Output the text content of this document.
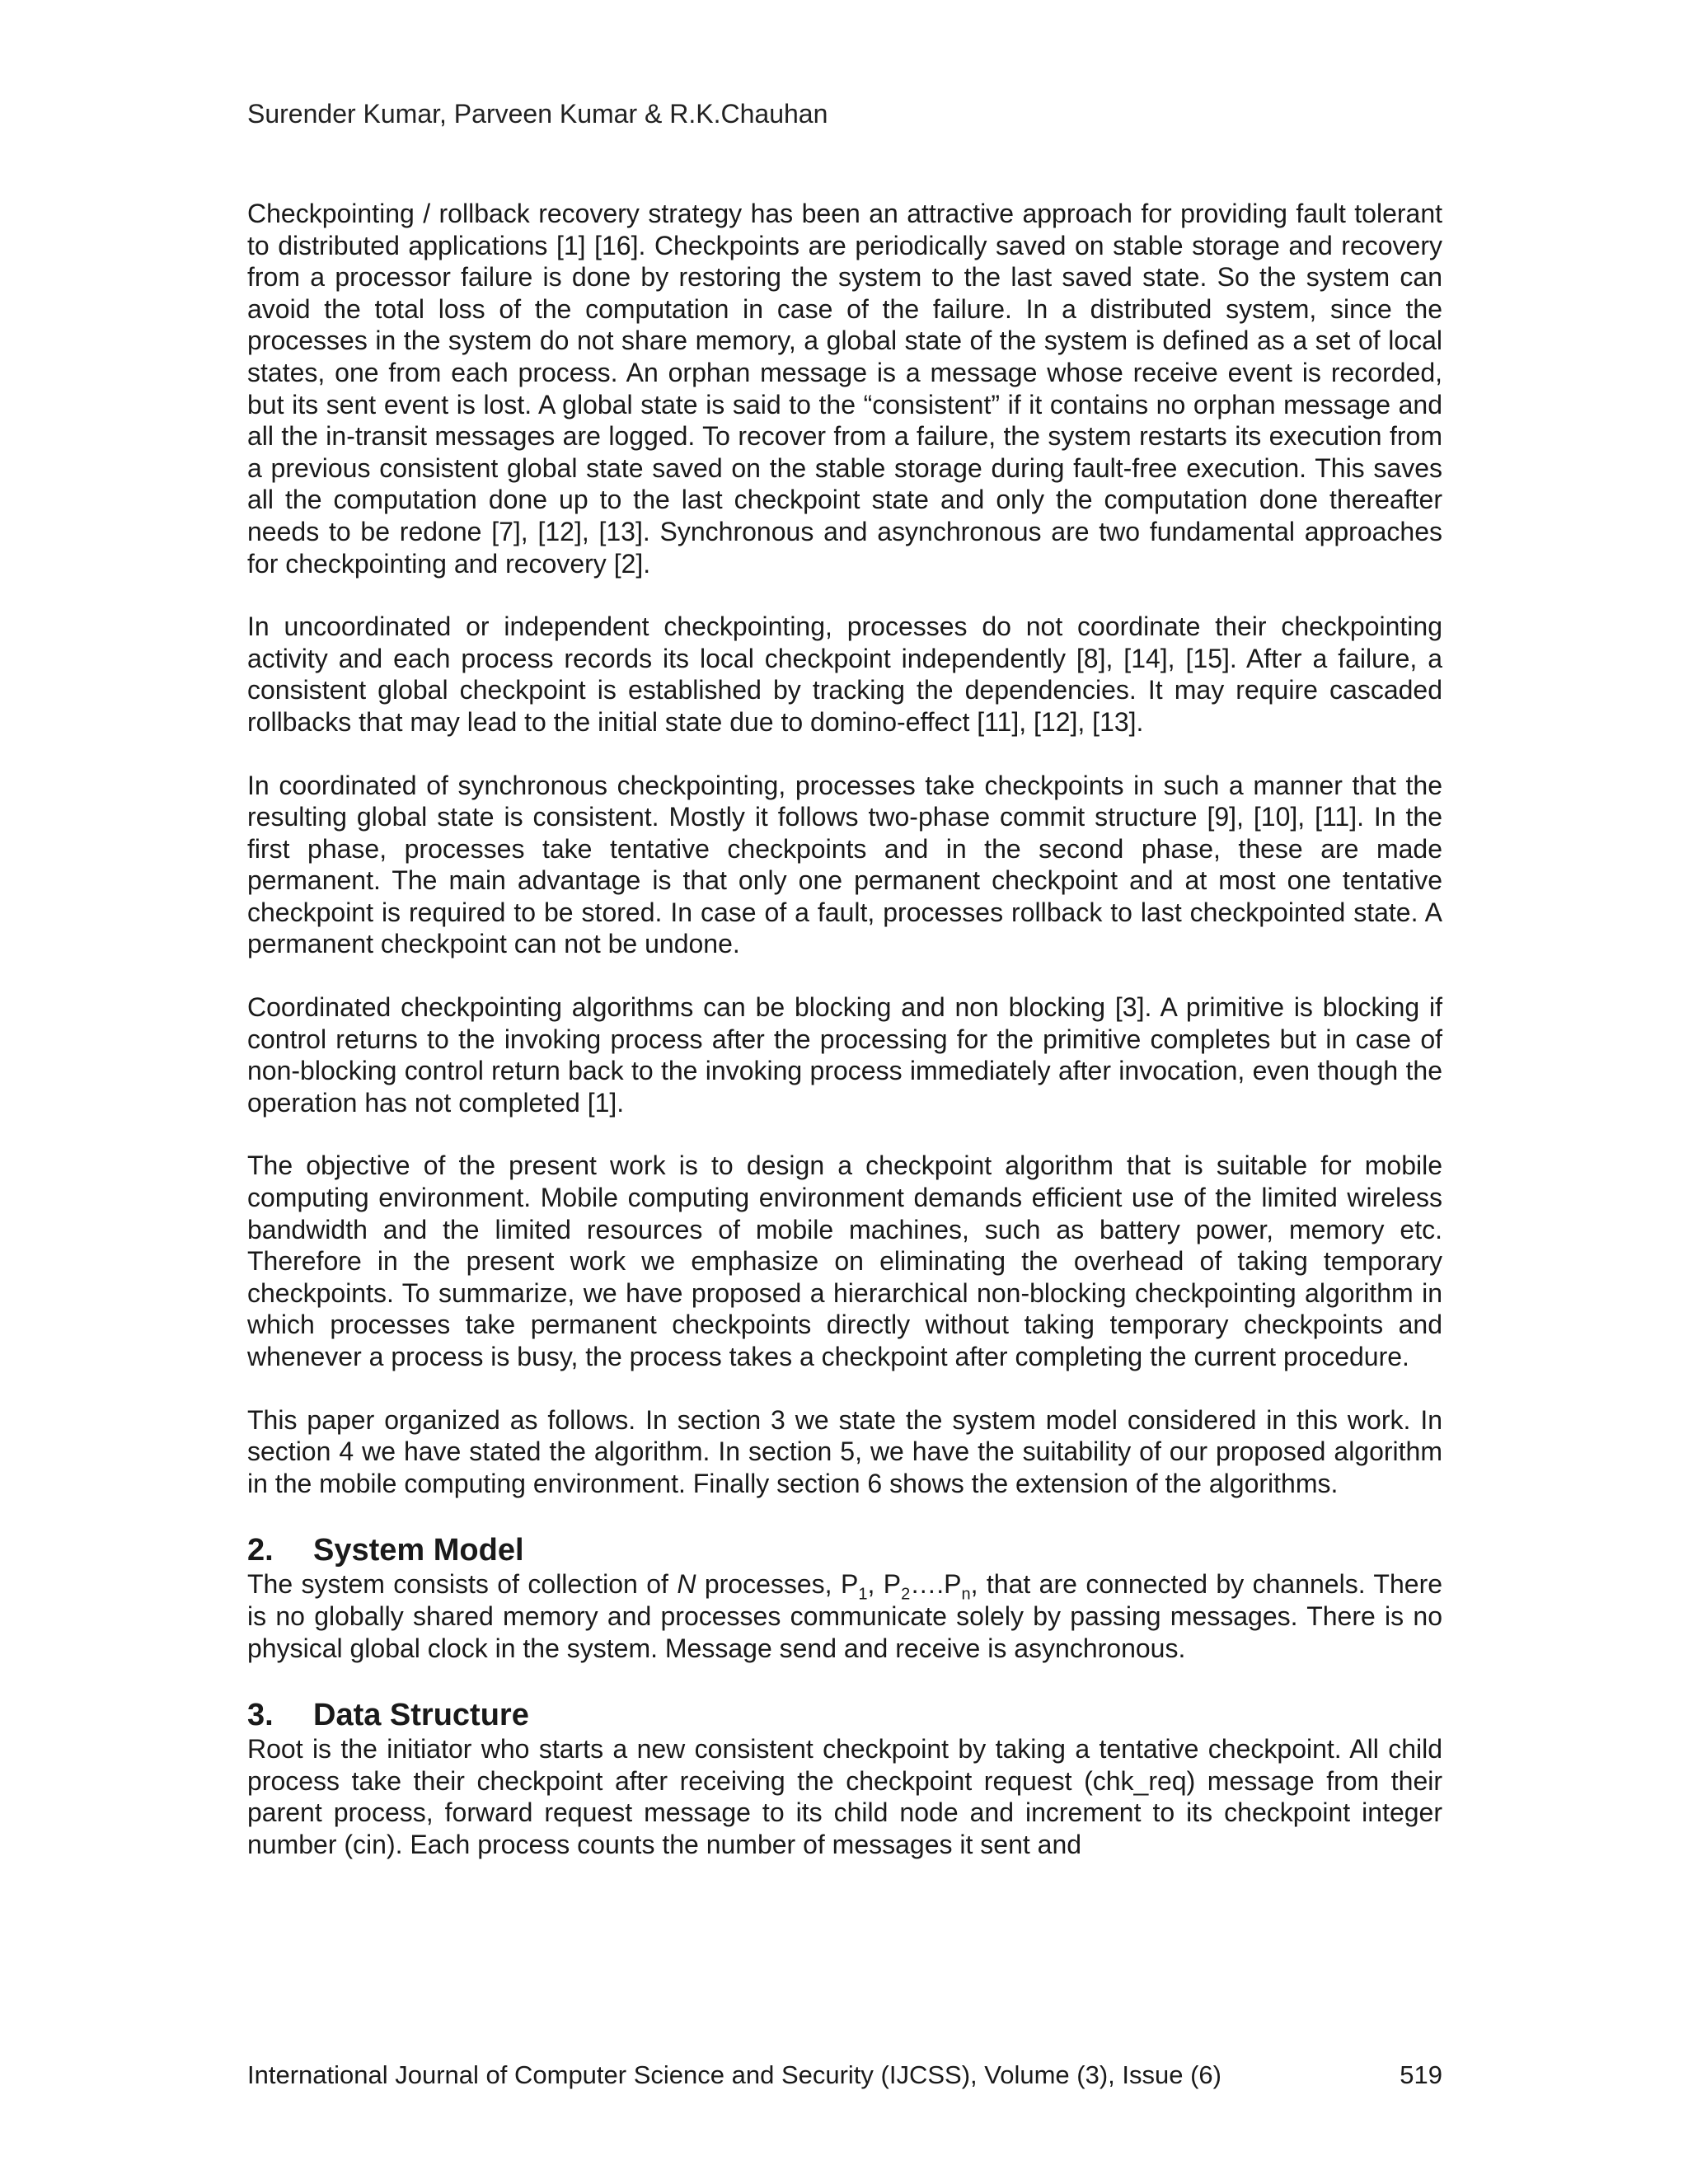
Surender Kumar, Parveen Kumar & R.K.Chauhan

Checkpointing / rollback recovery strategy has been an attractive approach for providing fault tolerant to distributed applications [1] [16]. Checkpoints are periodically saved on stable storage and recovery from a processor failure is done by restoring the system to the last saved state. So the system can avoid the total loss of the computation in case of the failure. In a distributed system, since the processes in the system do not share memory, a global state of the system is defined as a set of local states, one from each process. An orphan message is a message whose receive event is recorded, but its sent event is lost. A global state is said to the “consistent” if it contains no orphan message and all the in-transit messages are logged. To recover from a failure, the system restarts its execution from a previous consistent global state saved on the stable storage during fault-free execution. This saves all the computation done up to the last checkpoint state and only the computation done thereafter needs to be redone [7], [12], [13]. Synchronous and asynchronous are two fundamental approaches for checkpointing and recovery [2].

In uncoordinated or independent checkpointing, processes do not coordinate their checkpointing activity and each process records its local checkpoint independently [8], [14], [15]. After a failure, a consistent global checkpoint is established by tracking the dependencies. It may require cascaded rollbacks that may lead to the initial state due to domino-effect [11], [12], [13].

In coordinated of synchronous checkpointing, processes take checkpoints in such a manner that the resulting global state is consistent. Mostly it follows two-phase commit structure [9], [10], [11]. In the first phase, processes take tentative checkpoints and in the second phase, these are made permanent. The main advantage is that only one permanent checkpoint and at most one tentative checkpoint is required to be stored. In case of a fault, processes rollback to last checkpointed state. A permanent checkpoint can not be undone.

Coordinated checkpointing algorithms can be blocking and non blocking [3]. A primitive is blocking if control returns to the invoking process after the processing for the primitive completes but in case of non-blocking control return back to the invoking process immediately after invocation, even though the operation has not completed [1].

The objective of the present work is to design a checkpoint algorithm that is suitable for mobile computing environment. Mobile computing environment demands efficient use of the limited wireless bandwidth and the limited resources of mobile machines, such as battery power, memory etc. Therefore in the present work we emphasize on eliminating the overhead of taking temporary checkpoints. To summarize, we have proposed a hierarchical non-blocking checkpointing algorithm in which processes take permanent checkpoints directly without taking temporary checkpoints and whenever a process is busy, the process takes a checkpoint after completing the current procedure.

This paper organized as follows. In section 3 we state the system model considered in this work. In section 4 we have stated the algorithm. In section 5, we have the suitability of our proposed algorithm in the mobile computing environment. Finally section 6 shows the extension of the algorithms.

2. System Model

The system consists of collection of N processes, $P_1$, $P_2\dots.P_n$, that are connected by channels. There is no globally shared memory and processes communicate solely by passing messages. There is no physical global clock in the system. Message send and receive is asynchronous.

3. Data Structure

Root is the initiator who starts a new consistent checkpoint by taking a tentative checkpoint. All child process take their checkpoint after receiving the checkpoint request (chk_req) message from their parent process, forward request message to its child node and increment to its checkpoint integer number (cin). Each process counts the number of messages it sent and

International Journal of Computer Science and Security (IJCSS), Volume (3), Issue (6)	519
